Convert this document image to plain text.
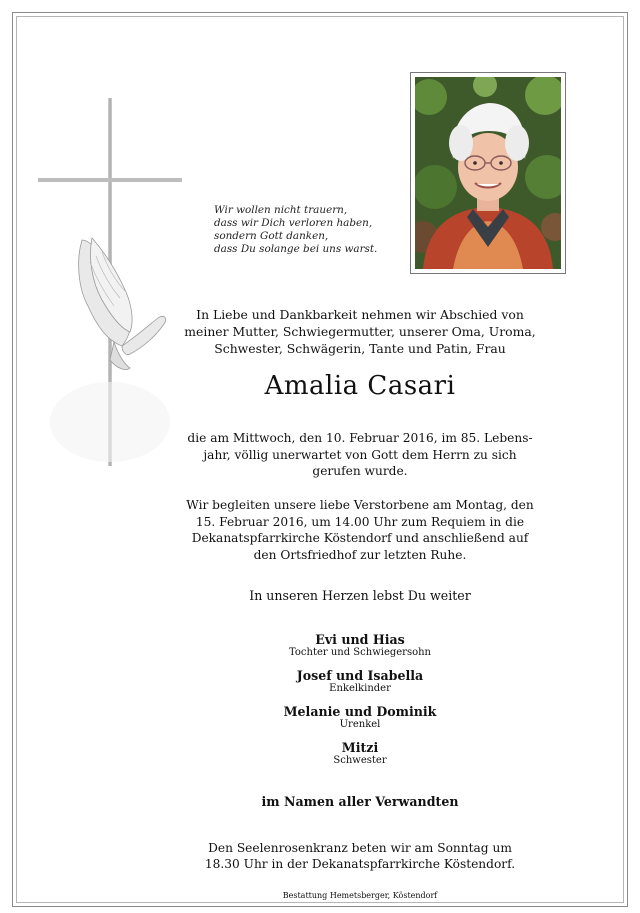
Wir wollen nicht trauern,
dass wir Dich verloren haben,
sondern Gott danken,
dass Du solange bei uns warst.
In Liebe und Dankbarkeit nehmen wir Abschied von
meiner Mutter, Schwiegermutter, unserer Oma, Uroma,
Schwester, Schwägerin, Tante und Patin, Frau
Amalia Casari
die am Mittwoch, den 10. Februar 2016, im 85. Lebens-
jahr, völlig unerwartet von Gott dem Herrn zu sich
gerufen wurde.
Wir begleiten unsere liebe Verstorbene am Montag, den
15. Februar 2016, um 14.00 Uhr zum Requiem in die
Dekanatspfarrkirche Köstendorf und anschließend auf
den Ortsfriedhof zur letzten Ruhe.
In unseren Herzen lebst Du weiter
Evi und Hias
Tochter und Schwiegersohn
Josef und Isabella
Enkelkinder
Melanie und Dominik
Urenkel
Mitzi
Schwester
im Namen aller Verwandten
Den Seelenrosenkranz beten wir am Sonntag um
18.30 Uhr in der Dekanatspfarrkirche Köstendorf.
Bestattung Hemetsberger, Köstendorf
